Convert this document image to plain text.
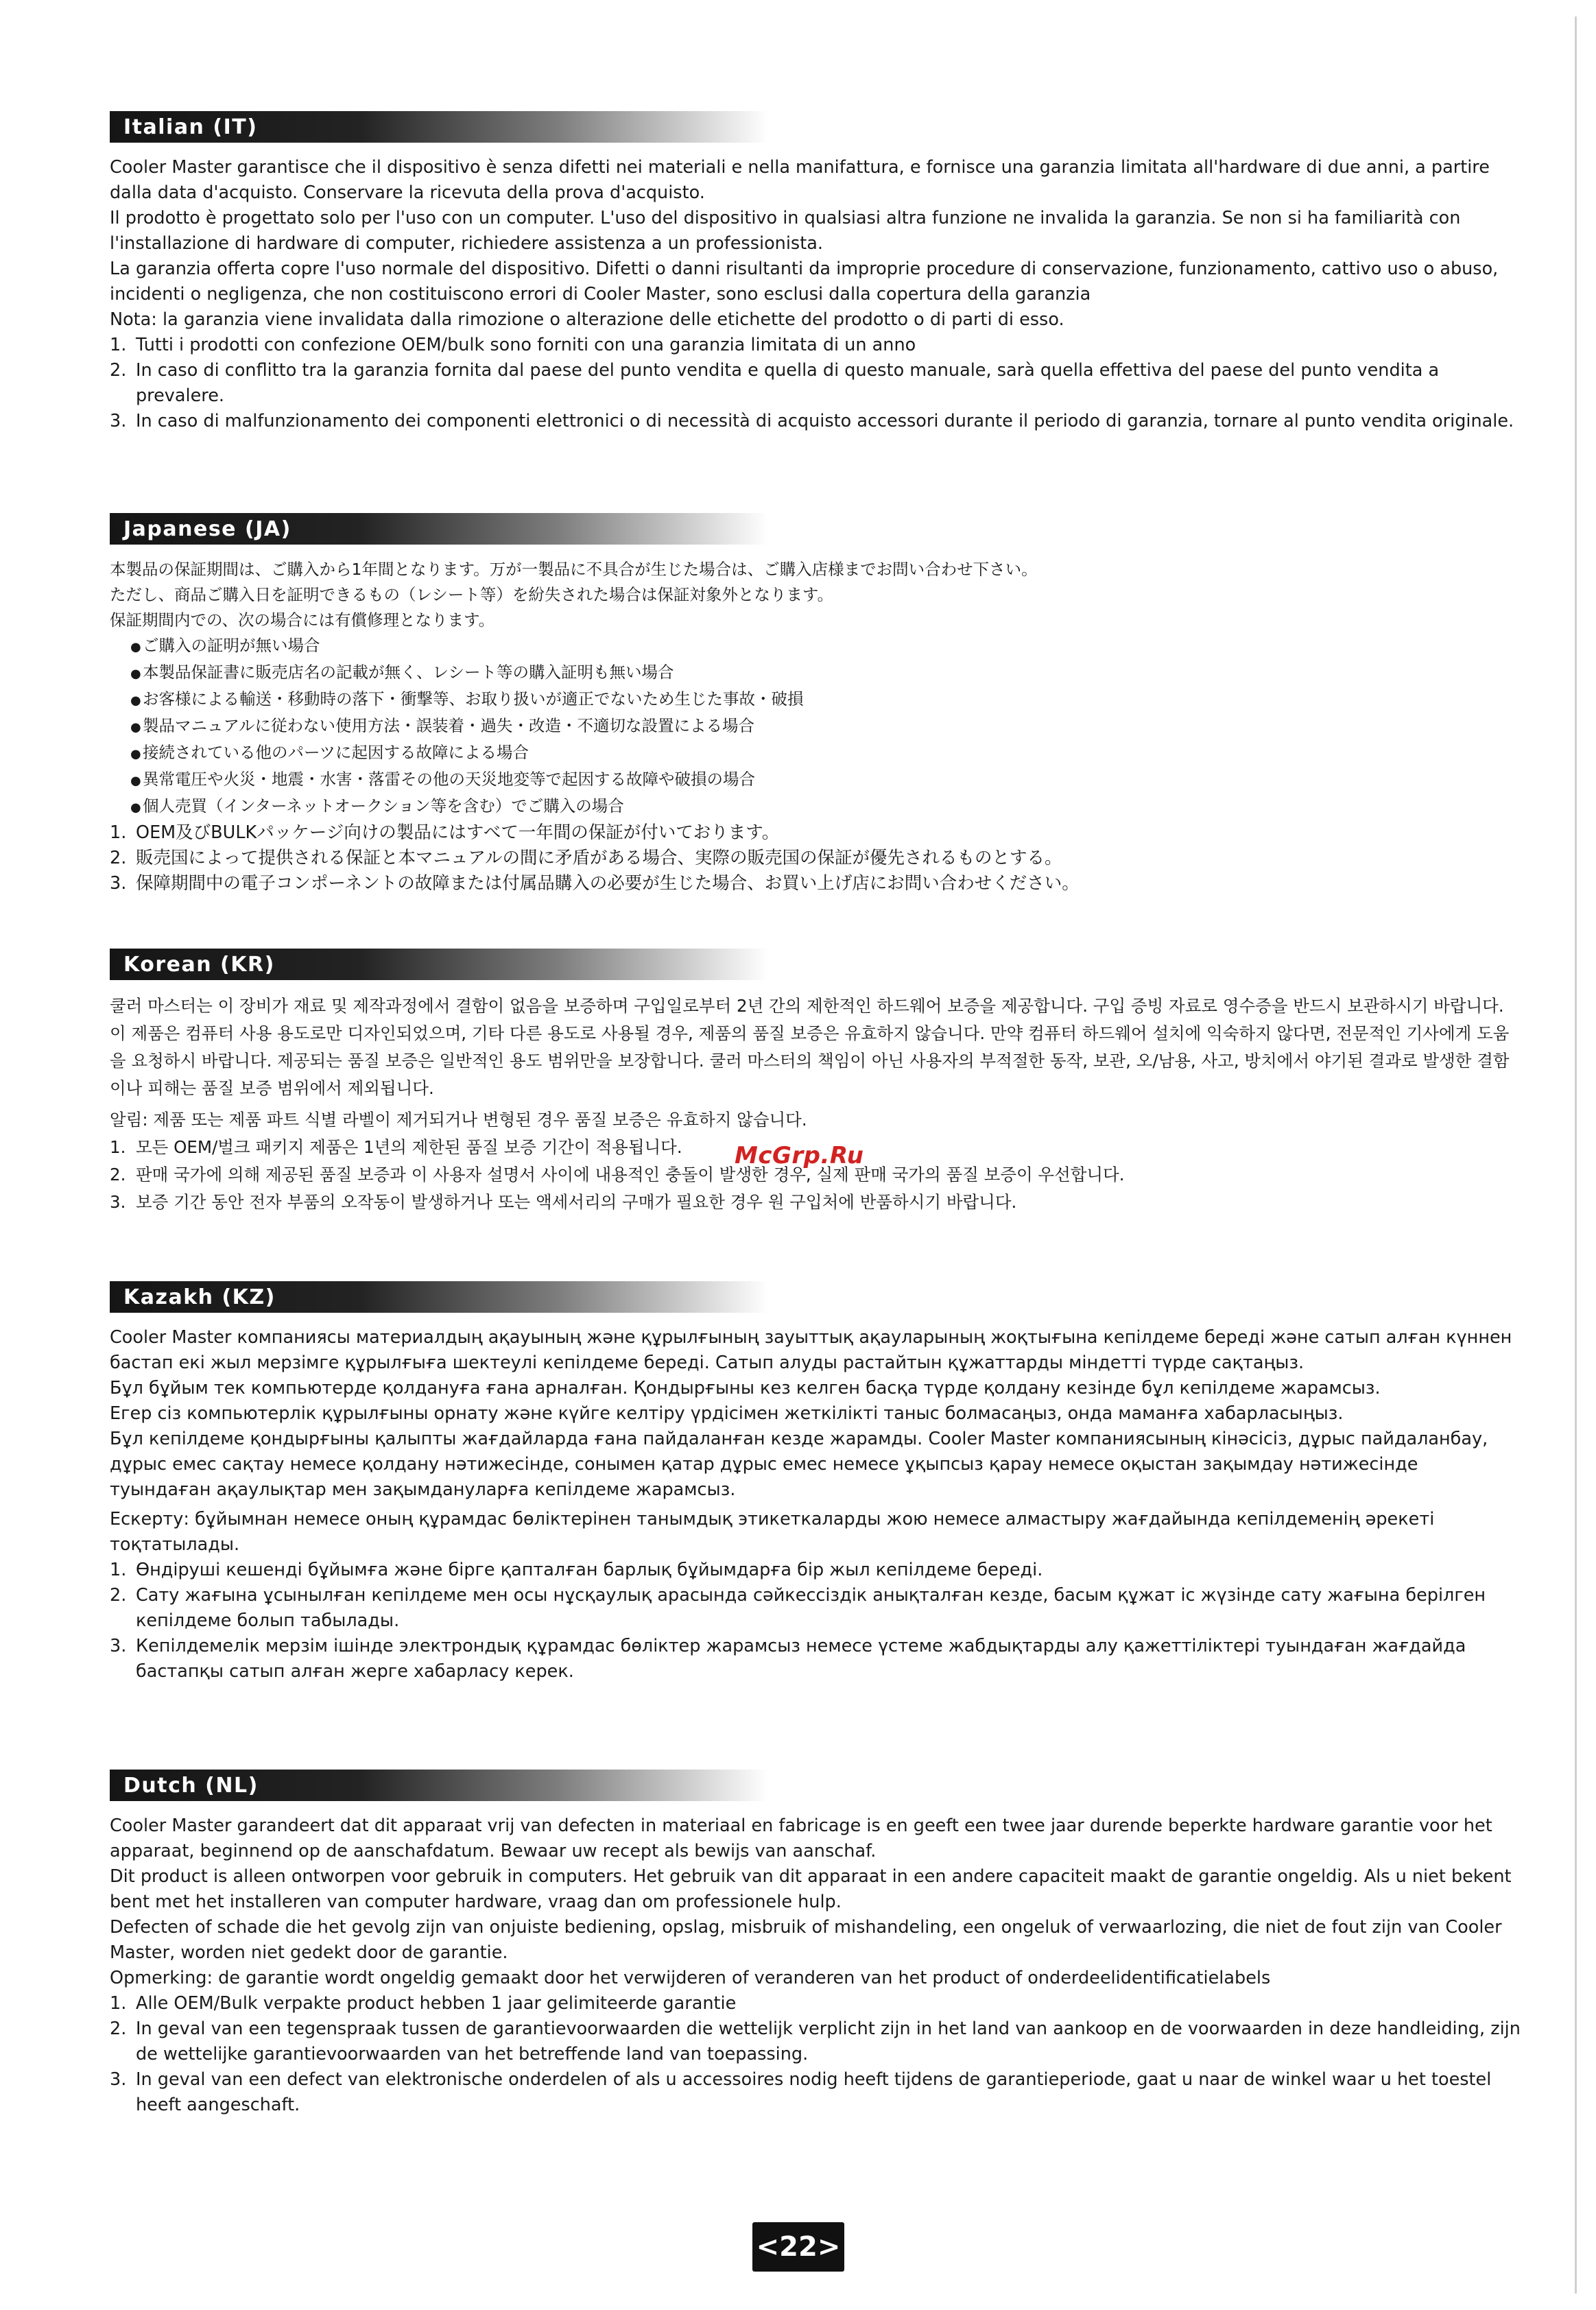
Italian (IT)

Cooler Master garantisce che il dispositivo è senza difetti nei materiali e nella manifattura, e fornisce una garanzia limitata all'hardware di due anni, a partire dalla data d'acquisto. Conservare la ricevuta della prova d'acquisto.

Il prodotto è progettato solo per l'uso con un computer. L'uso del dispositivo in qualsiasi altra funzione ne invalida la garanzia. Se non si ha familiarità con l'installazione di hardware di computer, richiedere assistenza a un professionista.

La garanzia offerta copre l'uso normale del dispositivo. Difetti o danni risultanti da improprie procedure di conservazione, funzionamento, cattivo uso o abuso, incidenti o negligenza, che non costituiscono errori di Cooler Master, sono esclusi dalla copertura della garanzia

Nota: la garanzia viene invalidata dalla rimozione o alterazione delle etichette del prodotto o di parti di esso.

1. Tutti i prodotti con confezione OEM/bulk sono forniti con una garanzia limitata di un anno
2. In caso di conflitto tra la garanzia fornita dal paese del punto vendita e quella di questo manuale, sarà quella effettiva del paese del punto vendita a prevalere.
3. In caso di malfunzionamento dei componenti elettronici o di necessità di acquisto accessori durante il periodo di garanzia, tornare al punto vendita originale.
Japanese (JA)

本製品の保証期間は、ご購入から1年間となります。万が一製品に不具合が生じた場合は、ご購入店様までお問い合わせ下さい。

ただし、商品ご購入日を証明できるもの（レシート等）を紛失された場合は保証対象外となります。

保証期間内での、次の場合には有償修理となります。

●ご購入の証明が無い場合
●本製品保証書に販売店名の記載が無く、レシート等の購入証明も無い場合
●お客様による輸送・移動時の落下・衝撃等、お取り扱いが適正でないため生じた事故・破損
●製品マニュアルに従わない使用方法・誤装着・過失・改造・不適切な設置による場合
●接続されている他のパーツに起因する故障による場合
●異常電圧や火災・地震・水害・落雷その他の天災地変等で起因する故障や破損の場合
●個人売買（インターネットオークション等を含む）でご購入の場合
1. OEM及びBULKパッケージ向けの製品にはすべて一年間の保証が付いております。
2. 販売国によって提供される保証と本マニュアルの間に矛盾がある場合、実際の販売国の保証が優先されるものとする。
3. 保障期間中の電子コンポーネントの故障または付属品購入の必要が生じた場合、お買い上げ店にお問い合わせください。
Korean (KR)

쿨러 마스터는 이 장비가 재료 및 제작과정에서 결함이 없음을 보증하며 구입일로부터 2년 간의 제한적인 하드웨어 보증을 제공합니다. 구입 증빙 자료로 영수증을 반드시 보관하시기 바랍니다. 이 제품은 컴퓨터 사용 용도로만 디자인되었으며, 기타 다른 용도로 사용될 경우, 제품의 품질 보증은 유효하지 않습니다. 만약 컴퓨터 하드웨어 설치에 익숙하지 않다면, 전문적인 기사에게 도움을 요청하시 바랍니다. 제공되는 품질 보증은 일반적인 용도 범위만을 보장합니다. 쿨러 마스터의 책임이 아닌 사용자의 부적절한 동작, 보관, 오/남용, 사고, 방치에서 야기된 결과로 발생한 결함이나 피해는 품질 보증 범위에서 제외됩니다.

알림: 제품 또는 제품 파트 식별 라벨이 제거되거나 변형된 경우 품질 보증은 유효하지 않습니다.

1. 모든 OEM/벌크 패키지 제품은 1년의 제한된 품질 보증 기간이 적용됩니다.
2. 판매 국가에 의해 제공된 품질 보증과 이 사용자 설명서 사이에 내용적인 충돌이 발생한 경우, 실제 판매 국가의 품질 보증이 우선합니다.
3. 보증 기간 동안 전자 부품의 오작동이 발생하거나 또는 액세서리의 구매가 필요한 경우 원 구입처에 반품하시기 바랍니다.
Kazakh (KZ)

Cooler Master компаниясы материалдың ақауының және құрылғының зауыттық ақауларының жоқтығына кепілдеме береді және сатып алған күннен бастап екі жыл мерзімге құрылғыға шектеулі кепілдеме береді. Сатып алуды растайтын құжаттарды міндетті түрде сақтаңыз.

Бұл бұйым тек компьютерде қолдануға ғана арналған. Қондырғыны кез келген басқа түрде қолдану кезінде бұл кепілдеме жарамсыз.

Егер сіз компьютерлік құрылғыны орнату және күйге келтіру үрдісімен жеткілікті таныс болмасаңыз, онда маманға хабарласыңыз.

Бұл кепілдеме қондырғыны қалыпты жағдайларда ғана пайдаланған кезде жарамды. Cooler Master компаниясының кінәсісіз, дұрыс пайдаланбау, дұрыс емес сақтау немесе қолдану нәтижесінде, сонымен қатар дұрыс емес немесе ұқыпсыз қарау немесе оқыстан зақымдау нәтижесінде туындаған ақаулықтар мен зақымдануларға кепілдеме жарамсыз.

Ескерту: бұйымнан немесе оның құрамдас бөліктерінен танымдық этикеткаларды жою немесе алмастыру жағдайында кепілдеменің әрекеті тоқтатылады.

1. Өндіруші кешенді бұйымға және бірге қапталған барлық бұйымдарға бір жыл кепілдеме береді.
2. Сату жағына ұсынылған кепілдеме мен осы нұсқаулық арасында сәйкессіздік анықталған кезде, басым құжат іс жүзінде сату жағына берілген кепілдеме болып табылады.
3. Кепілдемелік мерзім ішінде электрондық құрамдас бөліктер жарамсыз немесе үстеме жабдықтарды алу қажеттіліктері туындаған жағдайда бастапқы сатып алған жерге хабарласу керек.
Dutch (NL)

Cooler Master garandeert dat dit apparaat vrij van defecten in materiaal en fabricage is en geeft een twee jaar durende beperkte hardware garantie voor het apparaat, beginnend op de aanschafdatum. Bewaar uw recept als bewijs van aanschaf.

Dit product is alleen ontworpen voor gebruik in computers. Het gebruik van dit apparaat in een andere capaciteit maakt de garantie ongeldig. Als u niet bekent bent met het installeren van computer hardware, vraag dan om professionele hulp.

Defecten of schade die het gevolg zijn van onjuiste bediening, opslag, misbruik of mishandeling, een ongeluk of verwaarlozing, die niet de fout zijn van Cooler Master, worden niet gedekt door de garantie.

Opmerking: de garantie wordt ongeldig gemaakt door het verwijderen of veranderen van het product of onderdeelidentificatielabels

1. Alle OEM/Bulk verpakte product hebben 1 jaar gelimiteerde garantie
2. In geval van een tegenspraak tussen de garantievoorwaarden die wettelijk verplicht zijn in het land van aankoop en de voorwaarden in deze handleiding, zijn de wettelijke garantievoorwaarden van het betreffende land van toepassing.
3. In geval van een defect van elektronische onderdelen of als u accessoires nodig heeft tijdens de garantieperiode, gaat u naar de winkel waar u het toestel heeft aangeschaft.
McGrp.Ru
<22>
